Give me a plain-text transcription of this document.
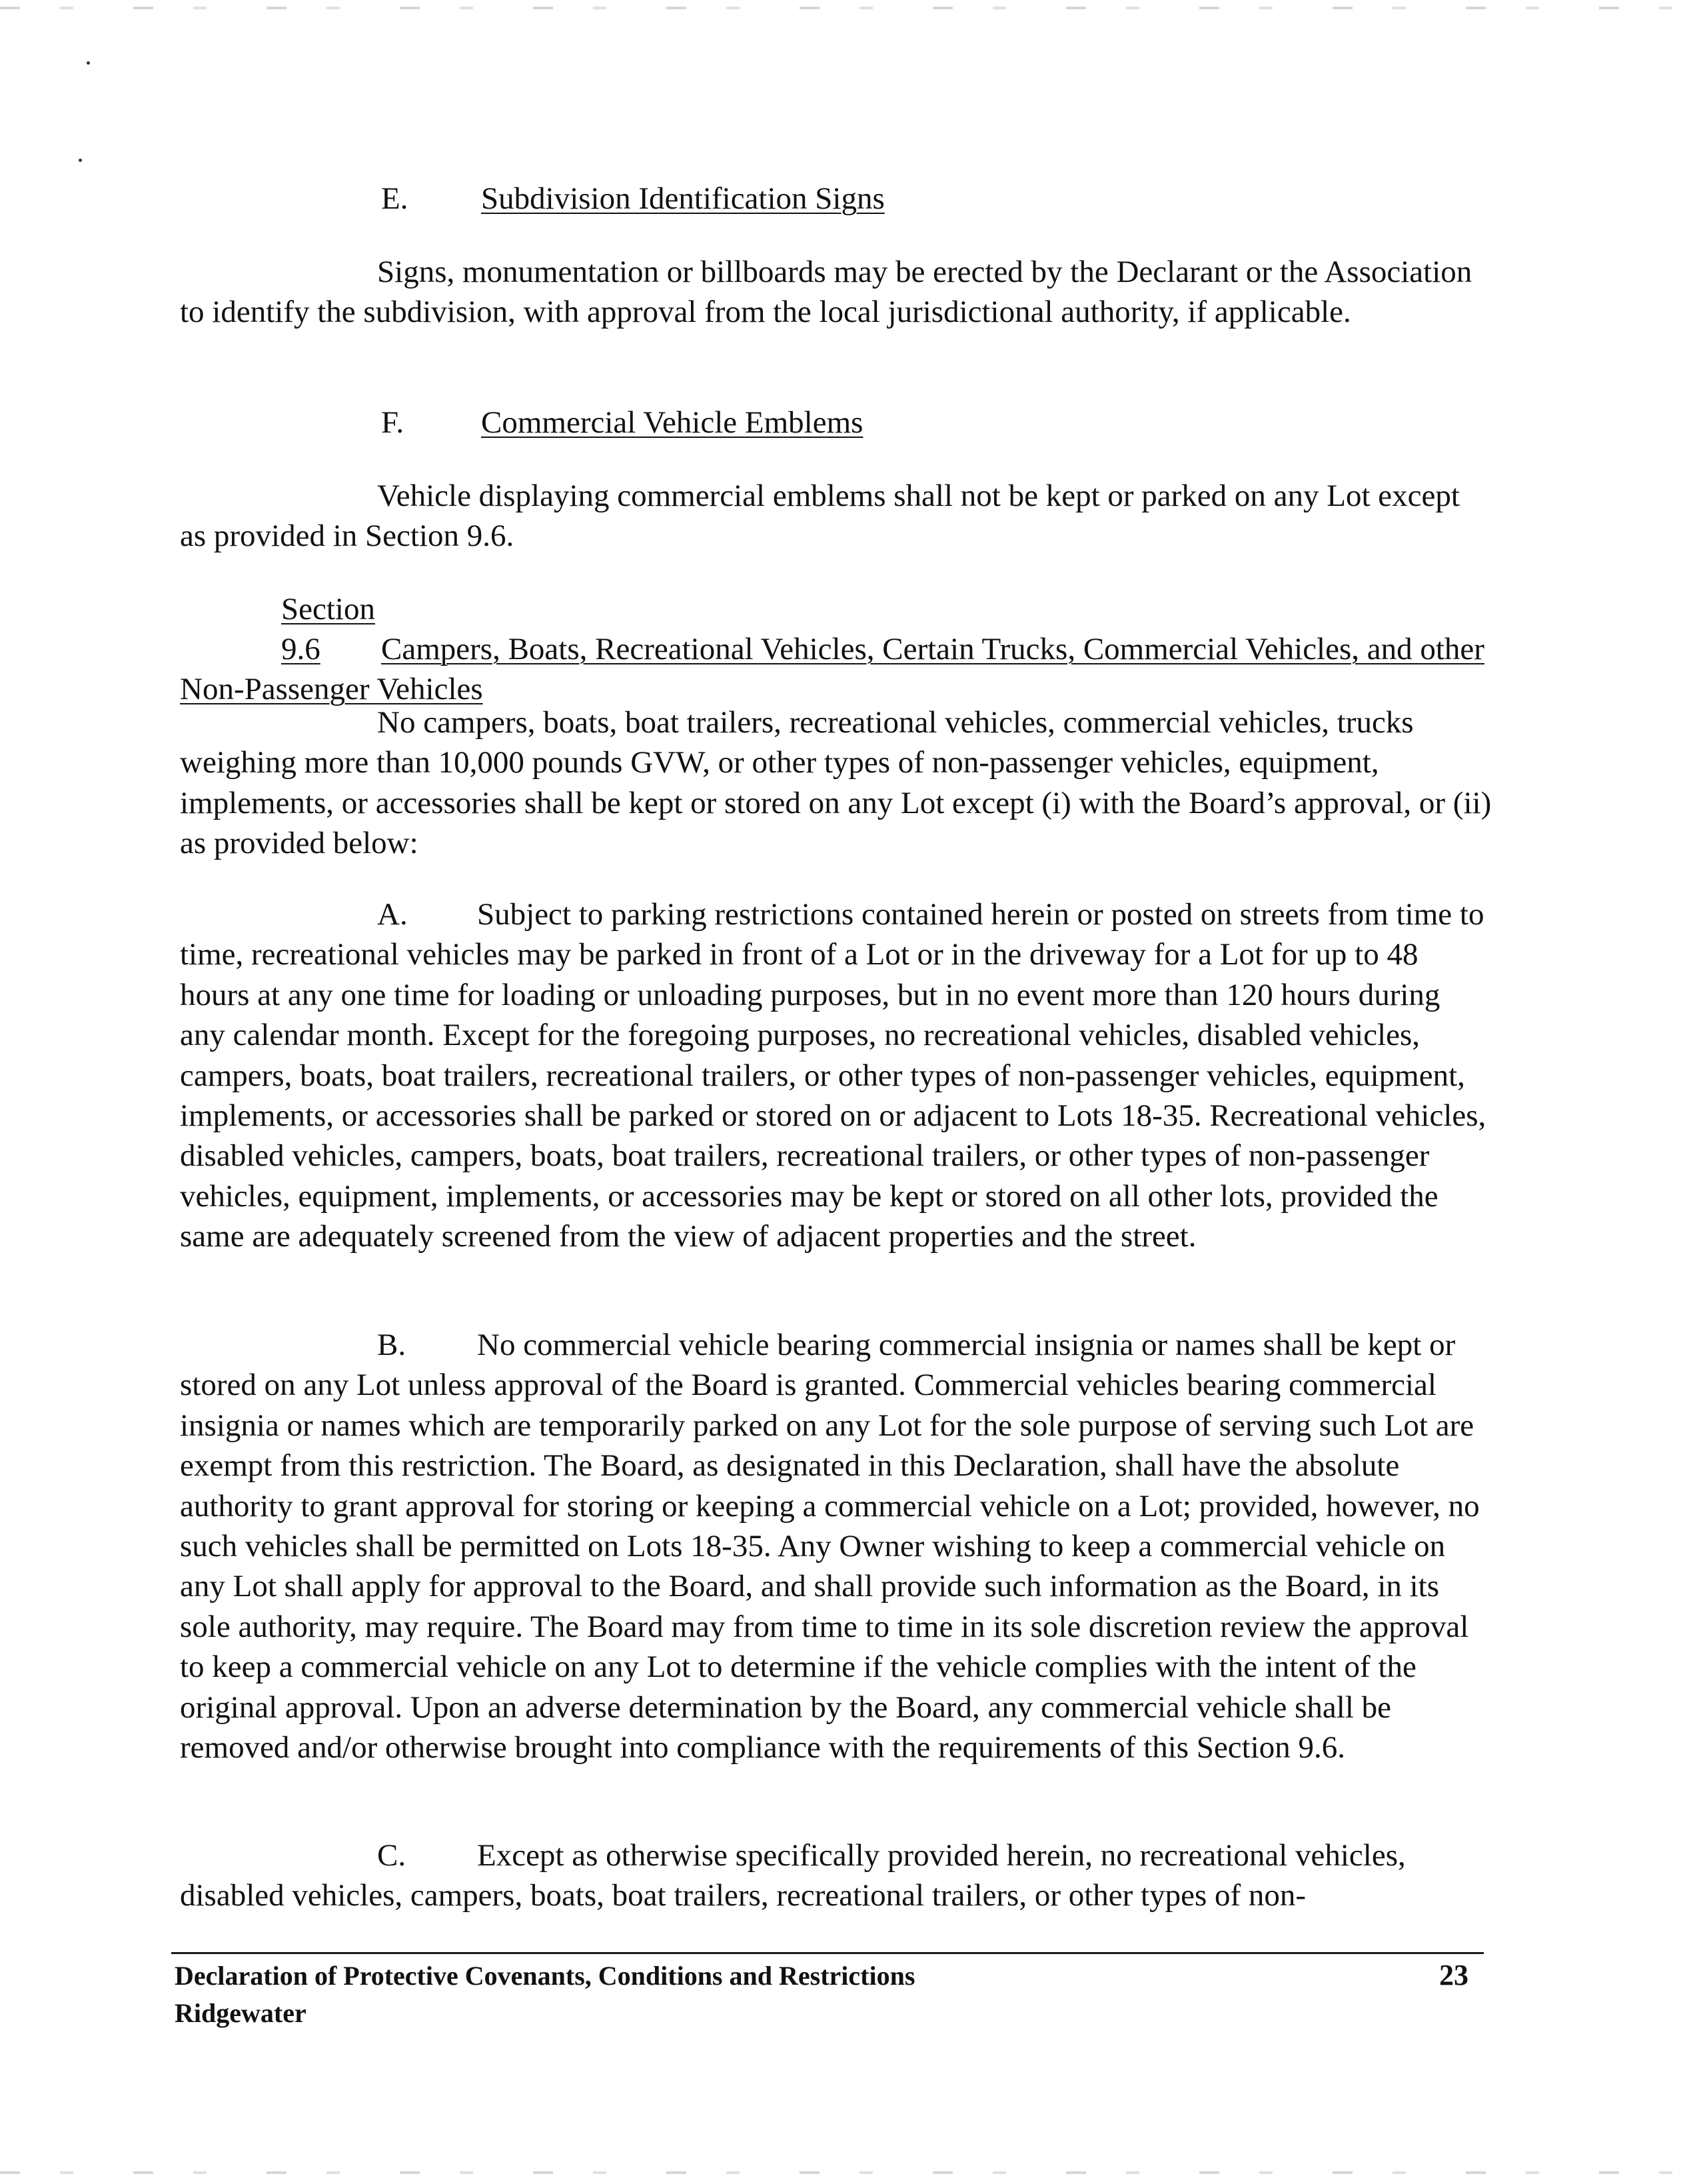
E. Subdivision Identification Signs

Signs, monumentation or billboards may be erected by the Declarant or the Association to identify the subdivision, with approval from the local jurisdictional authority, if applicable.

F. Commercial Vehicle Emblems

Vehicle displaying commercial emblems shall not be kept or parked on any Lot except as provided in Section 9.6.

Section 9.6 Campers, Boats, Recreational Vehicles, Certain Trucks, Commercial Vehicles, and other Non-Passenger Vehicles

No campers, boats, boat trailers, recreational vehicles, commercial vehicles, trucks weighing more than 10,000 pounds GVW, or other types of non-passenger vehicles, equipment, implements, or accessories shall be kept or stored on any Lot except (i) with the Board’s approval, or (ii) as provided below:

A. Subject to parking restrictions contained herein or posted on streets from time to time, recreational vehicles may be parked in front of a Lot or in the driveway for a Lot for up to 48 hours at any one time for loading or unloading purposes, but in no event more than 120 hours during any calendar month. Except for the foregoing purposes, no recreational vehicles, disabled vehicles, campers, boats, boat trailers, recreational trailers, or other types of non-passenger vehicles, equipment, implements, or accessories shall be parked or stored on or adjacent to Lots 18-35. Recreational vehicles, disabled vehicles, campers, boats, boat trailers, recreational trailers, or other types of non-passenger vehicles, equipment, implements, or accessories may be kept or stored on all other lots, provided the same are adequately screened from the view of adjacent properties and the street.

B. No commercial vehicle bearing commercial insignia or names shall be kept or stored on any Lot unless approval of the Board is granted. Commercial vehicles bearing commercial insignia or names which are temporarily parked on any Lot for the sole purpose of serving such Lot are exempt from this restriction. The Board, as designated in this Declaration, shall have the absolute authority to grant approval for storing or keeping a commercial vehicle on a Lot; provided, however, no such vehicles shall be permitted on Lots 18-35. Any Owner wishing to keep a commercial vehicle on any Lot shall apply for approval to the Board, and shall provide such information as the Board, in its sole authority, may require. The Board may from time to time in its sole discretion review the approval to keep a commercial vehicle on any Lot to determine if the vehicle complies with the intent of the original approval. Upon an adverse determination by the Board, any commercial vehicle shall be removed and/or otherwise brought into compliance with the requirements of this Section 9.6.

C. Except as otherwise specifically provided herein, no recreational vehicles, disabled vehicles, campers, boats, boat trailers, recreational trailers, or other types of non-

Declaration of Protective Covenants, Conditions and Restrictions
Ridgewater
23
